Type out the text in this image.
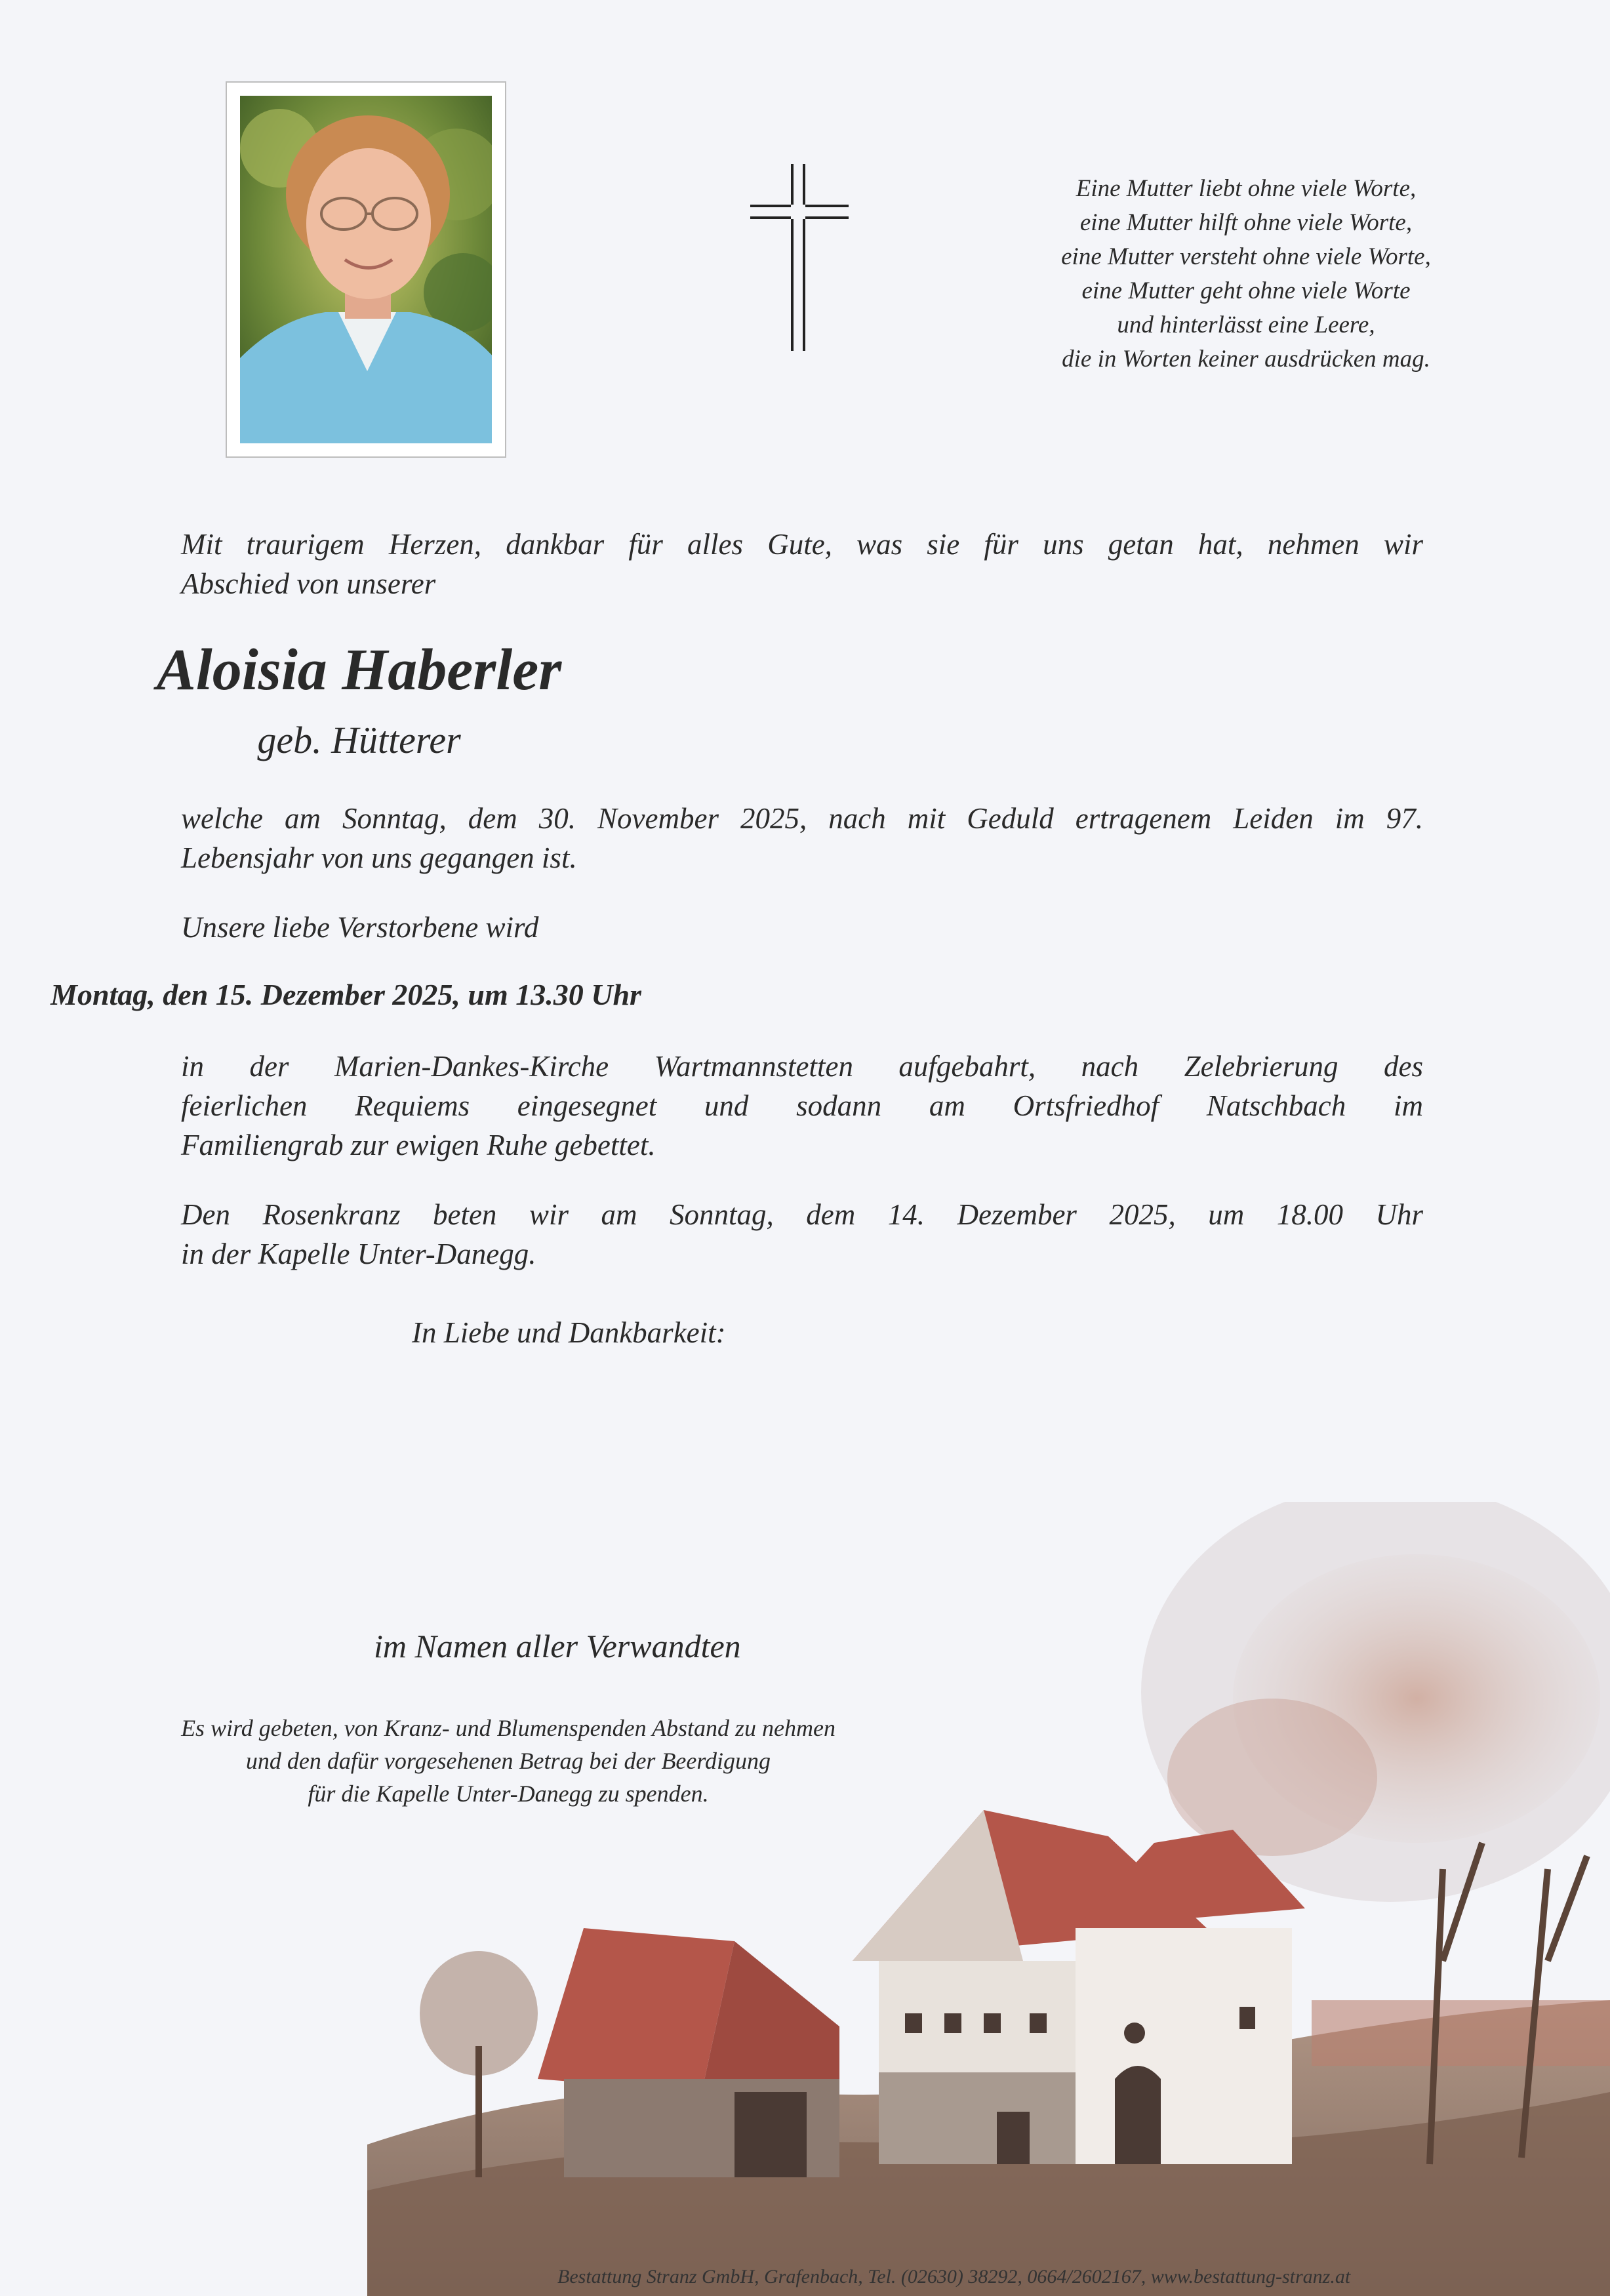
Eine Mutter liebt ohne viele Worte,
eine Mutter hilft ohne viele Worte,
eine Mutter versteht ohne viele Worte,
eine Mutter geht ohne viele Worte
und hinterlässt eine Leere,
die in Worten keiner ausdrücken mag.
Mit traurigem Herzen, dankbar für alles Gute, was sie für uns getan hat, nehmen wir
Abschied von unserer
Aloisia Haberler
geb. Hütterer
welche am Sonntag, dem 30. November 2025, nach mit Geduld ertragenem Leiden im 97.
Lebensjahr von uns gegangen ist.
Unsere liebe Verstorbene wird
Montag, den 15. Dezember 2025, um 13.30 Uhr
in der Marien-Dankes-Kirche Wartmannstetten aufgebahrt, nach Zelebrierung des
feierlichen Requiems eingesegnet und sodann am Ortsfriedhof Natschbach im
Familiengrab zur ewigen Ruhe gebettet.
Den Rosenkranz beten wir am Sonntag, dem 14. Dezember 2025, um 18.00 Uhr
in der Kapelle Unter-Danegg.
In Liebe und Dankbarkeit:
im Namen aller Verwandten
Es wird gebeten, von Kranz- und Blumenspenden Abstand zu nehmen
und den dafür vorgesehenen Betrag bei der Beerdigung
für die Kapelle Unter-Danegg zu spenden.
Bestattung Stranz GmbH, Grafenbach, Tel. (02630) 38292, 0664/2602167, www.bestattung-stranz.at
